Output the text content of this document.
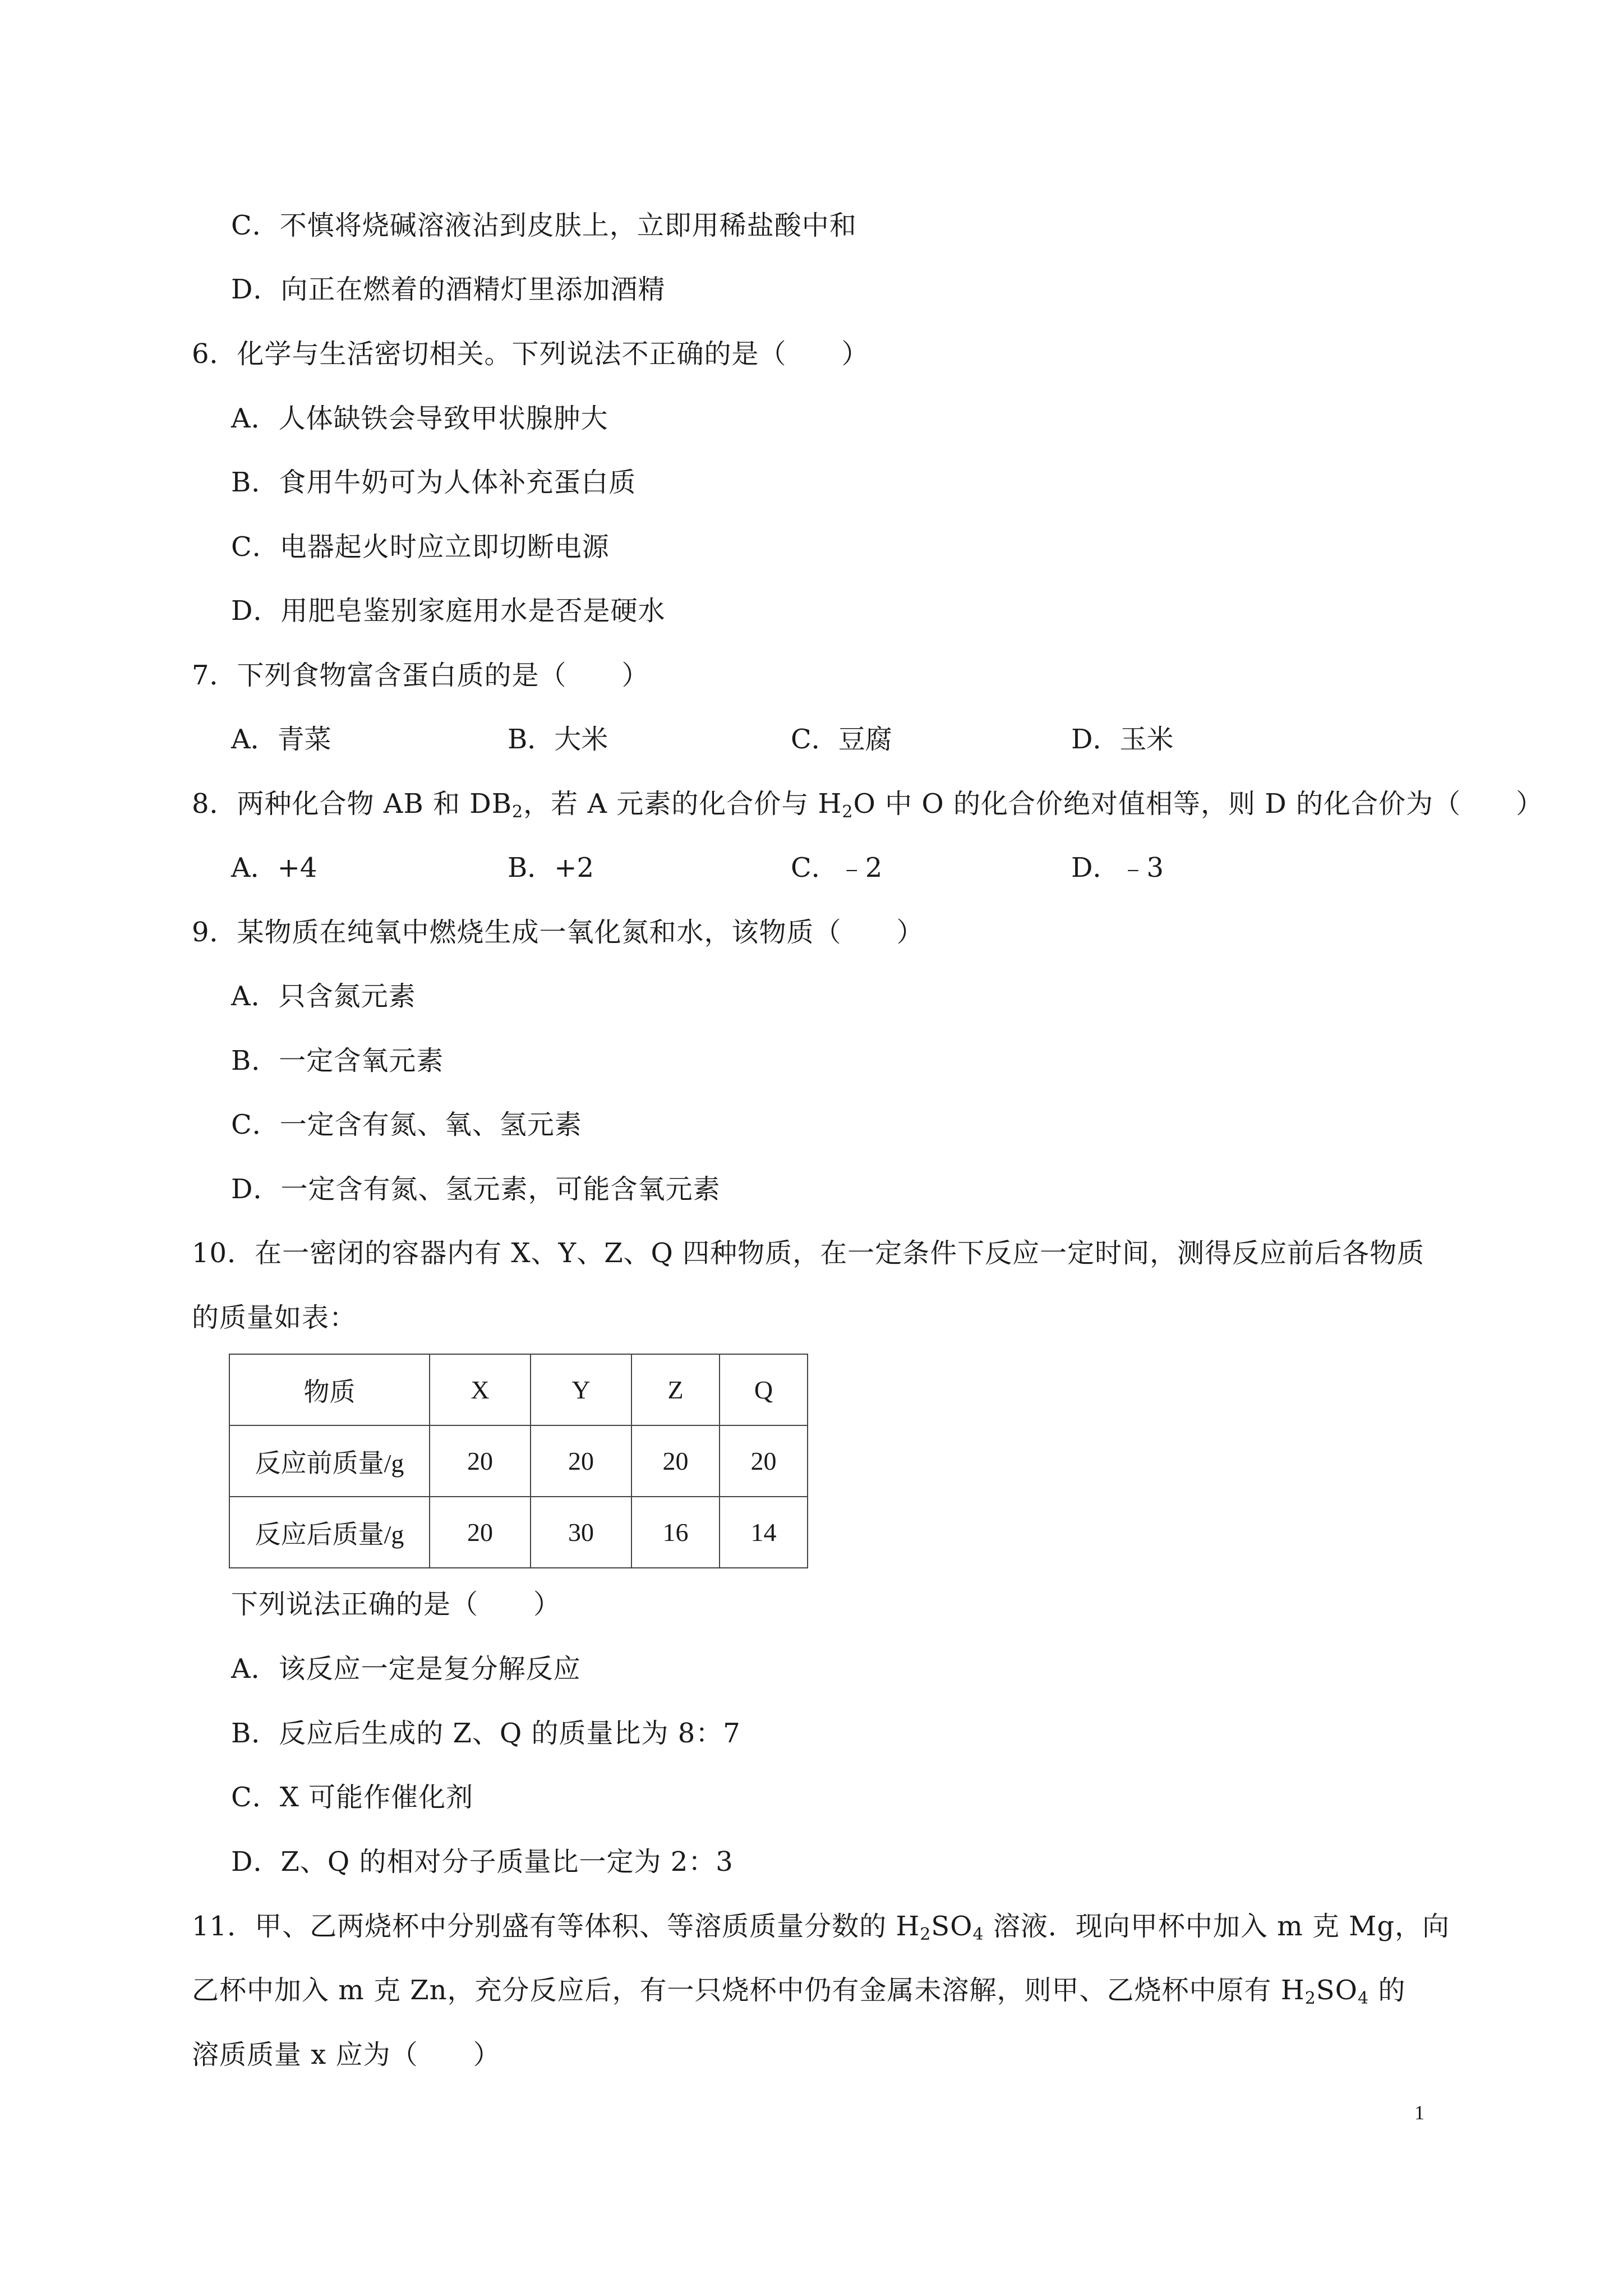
C．不慎将烧碱溶液沾到皮肤上，立即用稀盐酸中和
D．向正在燃着的酒精灯里添加酒精
6．化学与生活密切相关。下列说法不正确的是（　　）
A．人体缺铁会导致甲状腺肿大
B．食用牛奶可为人体补充蛋白质
C．电器起火时应立即切断电源
D．用肥皂鉴别家庭用水是否是硬水
7．下列食物富含蛋白质的是（　　）
A．青菜	B．大米	C．豆腐	D．玉米
8．两种化合物 AB 和 $DB_2$，若 A 元素的化合价与 $H_2O$ 中 O 的化合价绝对值相等，则 D 的化合价为（　　）
A．+4	B．+2	C．﹣2	D．﹣3
9．某物质在纯氧中燃烧生成一氧化氮和水，该物质（　　）
A．只含氮元素
B．一定含氧元素
C．一定含有氮、氧、氢元素
D．一定含有氮、氢元素，可能含氧元素
10．在一密闭的容器内有 X、Y、Z、Q 四种物质，在一定条件下反应一定时间，测得反应前后各物质
的质量如表：
物质	X	Y	Z	Q
反应前质量/g	20	20	20	20
反应后质量/g	20	30	16	14
下列说法正确的是（　　）
A．该反应一定是复分解反应
B．反应后生成的 Z、Q 的质量比为 8：7
C．X 可能作催化剂
D．Z、Q 的相对分子质量比一定为 2：3
11．甲、乙两烧杯中分别盛有等体积、等溶质质量分数的 $H_2SO_4$ 溶液．现向甲杯中加入 m 克 Mg，向
乙杯中加入 m 克 Zn，充分反应后，有一只烧杯中仍有金属未溶解，则甲、乙烧杯中原有 $H_2SO_4$ 的
溶质质量 x 应为（　　）
1
